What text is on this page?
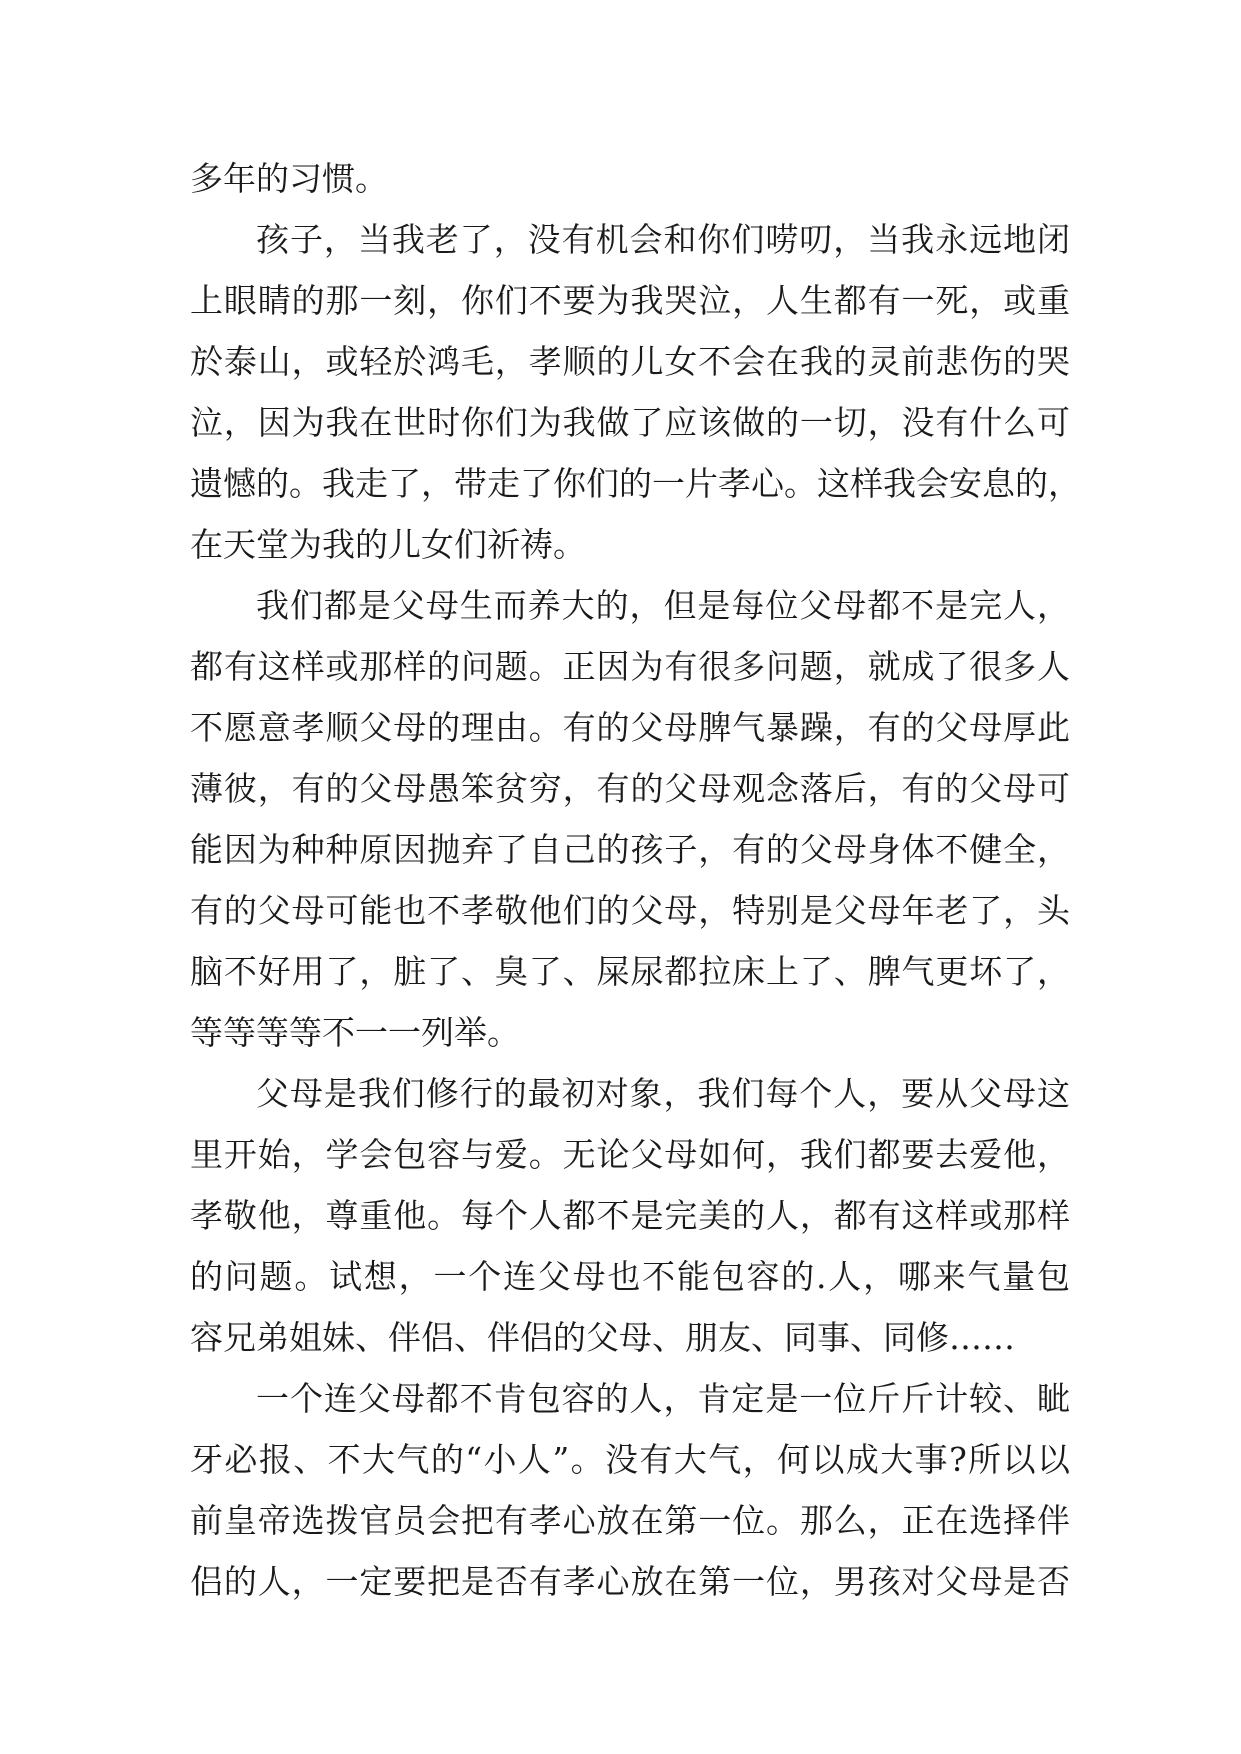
多年的习惯。
孩子，当我老了，没有机会和你们唠叨，当我永远地闭
上眼睛的那一刻，你们不要为我哭泣，人生都有一死，或重
於泰山，或轻於鸿毛，孝顺的儿女不会在我的灵前悲伤的哭
泣，因为我在世时你们为我做了应该做的一切，没有什么可
遗憾的。我走了，带走了你们的一片孝心。这样我会安息的，
在天堂为我的儿女们祈祷。
我们都是父母生而养大的，但是每位父母都不是完人，
都有这样或那样的问题。正因为有很多问题，就成了很多人
不愿意孝顺父母的理由。有的父母脾气暴躁，有的父母厚此
薄彼，有的父母愚笨贫穷，有的父母观念落后，有的父母可
能因为种种原因抛弃了自己的孩子，有的父母身体不健全，
有的父母可能也不孝敬他们的父母，特别是父母年老了，头
脑不好用了，脏了、臭了、屎尿都拉床上了、脾气更坏了，
等等等等不一一列举。
父母是我们修行的最初对象，我们每个人，要从父母这
里开始，学会包容与爱。无论父母如何，我们都要去爱他，
孝敬他，尊重他。每个人都不是完美的人，都有这样或那样
的问题。试想，一个连父母也不能包容的.人，哪来气量包
容兄弟姐妹、伴侣、伴侣的父母、朋友、同事、同修……
一个连父母都不肯包容的人，肯定是一位斤斤计较、眦
牙必报、不大气的“小人”。没有大气，何以成大事?所以以
前皇帝选拨官员会把有孝心放在第一位。那么，正在选择伴
侣的人，一定要把是否有孝心放在第一位，男孩对父母是否
